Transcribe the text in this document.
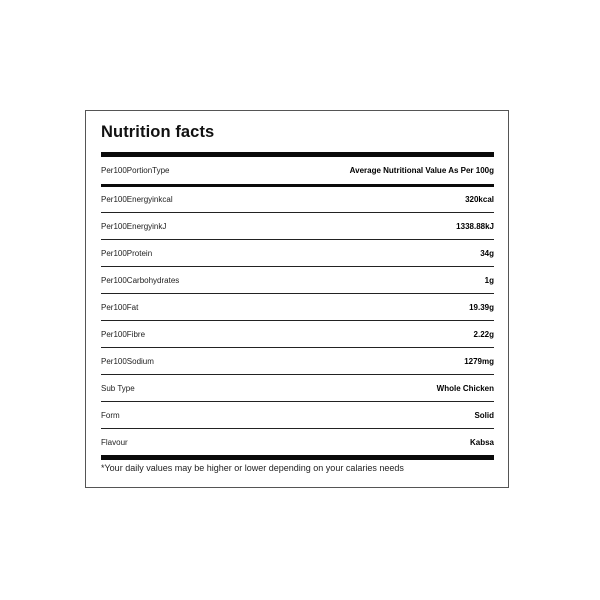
Nutrition facts
Per100PortionType	Average Nutritional Value As Per 100g
Per100Energyinkcal	320kcal
Per100EnergyinkJ	1338.88kJ
Per100Protein	34g
Per100Carbohydrates	1g
Per100Fat	19.39g
Per100Fibre	2.22g
Per100Sodium	1279mg
Sub Type	Whole Chicken
Form	Solid
Flavour	Kabsa
*Your daily values may be higher or lower depending on your calaries needs
